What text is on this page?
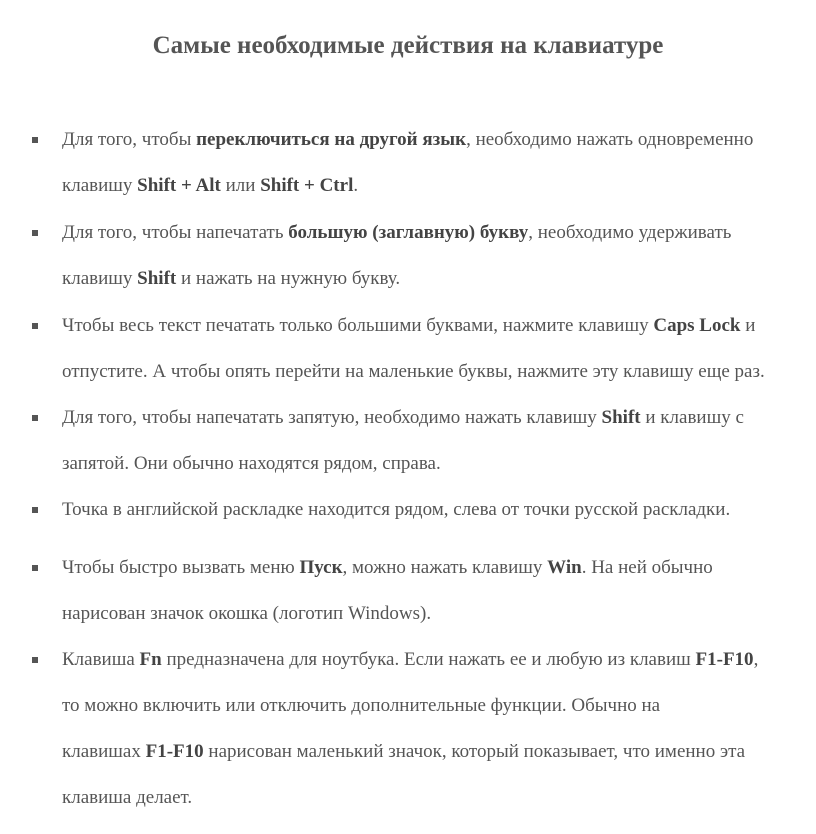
Самые необходимые действия на клавиатуре
Для того, чтобы переключиться на другой язык, необходимо нажать одновременно
клавишу Shift + Alt или Shift + Ctrl.
Для того, чтобы напечатать большую (заглавную) букву, необходимо удерживать
клавишу Shift и нажать на нужную букву.
Чтобы весь текст печатать только большими буквами, нажмите клавишу Caps Lock и
отпустите. А чтобы опять перейти на маленькие буквы, нажмите эту клавишу еще раз.
Для того, чтобы напечатать запятую, необходимо нажать клавишу Shift и клавишу с
запятой. Они обычно находятся рядом, справа.
Точка в английской раскладке находится рядом, слева от точки русской раскладки.
Чтобы быстро вызвать меню Пуск, можно нажать клавишу Win. На ней обычно
нарисован значок окошка (логотип Windows).
Клавиша Fn предназначена для ноутбука. Если нажать ее и любую из клавиш F1-F10,
то можно включить или отключить дополнительные функции. Обычно на
клавишах F1-F10 нарисован маленький значок, который показывает, что именно эта
клавиша делает.
